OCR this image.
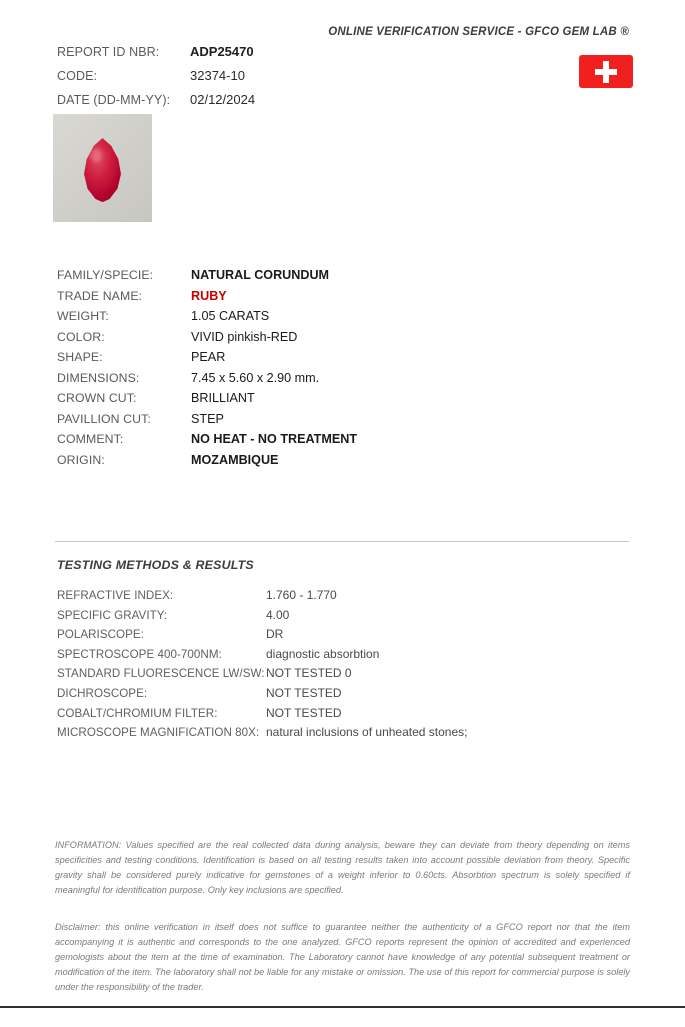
ONLINE VERIFICATION SERVICE - GFCO GEM LAB ®
REPORT ID NBR:	ADP25470
CODE:	32374-10
DATE (DD-MM-YY):	02/12/2024
FAMILY/SPECIE:	NATURAL CORUNDUM
TRADE NAME:	RUBY
WEIGHT:	1.05 CARATS
COLOR:	VIVID pinkish-RED
SHAPE:	PEAR
DIMENSIONS:	7.45 x 5.60 x 2.90 mm.
CROWN CUT:	BRILLIANT
PAVILLION CUT:	STEP
COMMENT:	NO HEAT - NO TREATMENT
ORIGIN:	MOZAMBIQUE
TESTING METHODS & RESULTS
REFRACTIVE INDEX:	1.760 - 1.770
SPECIFIC GRAVITY:	4.00
POLARISCOPE:	DR
SPECTROSCOPE 400-700NM:	diagnostic absorbtion
STANDARD FLUORESCENCE LW/SW: NOT TESTED 0
DICHROSCOPE:	NOT TESTED
COBALT/CHROMIUM FILTER:	NOT TESTED
MICROSCOPE MAGNIFICATION 80X: natural inclusions of unheated stones;
INFORMATION: Values specified are the real collected data during analysis, beware they can deviate from theory depending on items specificities and testing conditions. Identification is based on all testing results taken into account possible deviation from theory. Specific gravity shall be considered purely indicative for gemstones of a weight inferior to 0.60cts. Absorbtion spectrum is solely specified if meaningful for identification purpose. Only key inclusions are specified.
Disclaimer: this online verification in itself does not suffice to guarantee neither the authenticity of a GFCO report nor that the item accompanying it is authentic and corresponds to the one analyzed. GFCO reports represent the opinion of accredited and experienced gemologists about the item at the time of examination. The Laboratory cannot have knowledge of any potential subsequent treatment or modification of the item. The laboratory shall not be liable for any mistake or omission. The use of this report for commercial purpose is solely under the responsibility of the trader.
